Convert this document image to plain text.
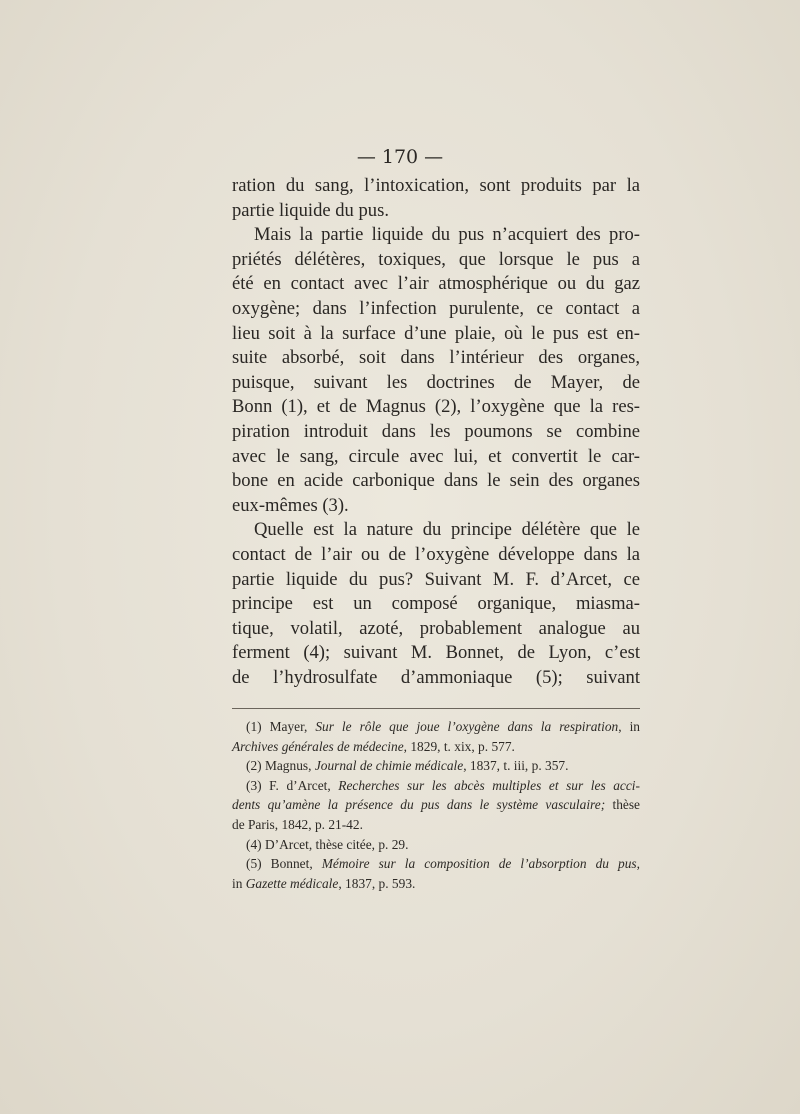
— 170 —
ration du sang, l’intoxication, sont produits par la
partie liquide du pus.
Mais la partie liquide du pus n’acquiert des pro-
priétés délétères, toxiques, que lorsque le pus a
été en contact avec l’air atmosphérique ou du gaz
oxygène; dans l’infection purulente, ce contact a
lieu soit à la surface d’une plaie, où le pus est en-
suite absorbé, soit dans l’intérieur des organes,
puisque, suivant les doctrines de Mayer, de
Bonn (1), et de Magnus (2), l’oxygène que la res-
piration introduit dans les poumons se combine
avec le sang, circule avec lui, et convertit le car-
bone en acide carbonique dans le sein des organes
eux-mêmes (3).
Quelle est la nature du principe délétère que le
contact de l’air ou de l’oxygène développe dans la
partie liquide du pus? Suivant M. F. d’Arcet, ce
principe est un composé organique, miasma-
tique, volatil, azoté, probablement analogue au
ferment (4); suivant M. Bonnet, de Lyon, c’est
de l’hydrosulfate d’ammoniaque (5); suivant
(1) Mayer, Sur le rôle que joue l’oxygène dans la respiration, in
Archives générales de médecine, 1829, t. xix, p. 577.
(2) Magnus, Journal de chimie médicale, 1837, t. iii, p. 357.
(3) F. d’Arcet, Recherches sur les abcès multiples et sur les acci-
dents qu’amène la présence du pus dans le système vasculaire; thèse
de Paris, 1842, p. 21-42.
(4) D’Arcet, thèse citée, p. 29.
(5) Bonnet, Mémoire sur la composition de l’absorption du pus,
in Gazette médicale, 1837, p. 593.
